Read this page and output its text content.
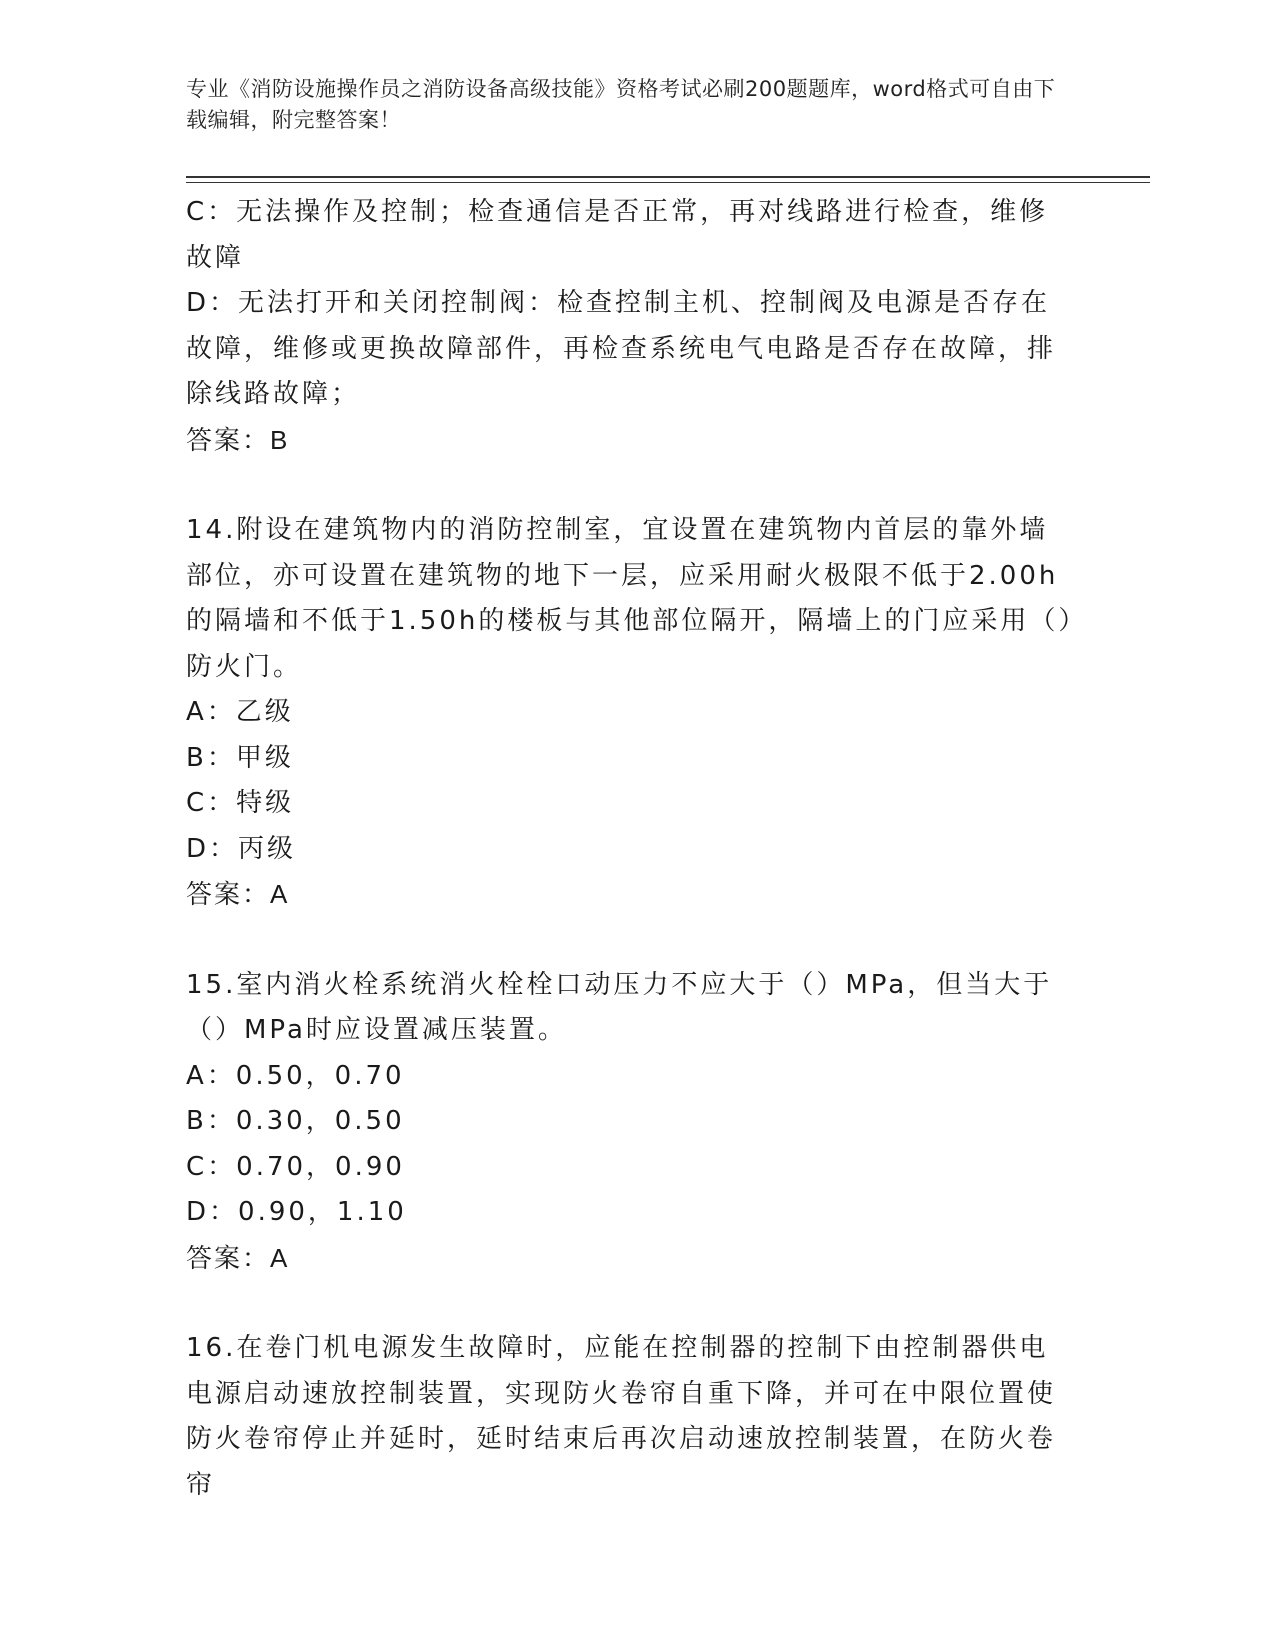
专业《消防设施操作员之消防设备高级技能》资格考试必刷200题题库，word格式可自由下载编辑，附完整答案！

C：无法操作及控制；检查通信是否正常，再对线路进行检查，维修故障

D：无法打开和关闭控制阀：检查控制主机、控制阀及电源是否存在故障，维修或更换故障部件，再检查系统电气电路是否存在故障，排除线路故障；

答案：B

14.附设在建筑物内的消防控制室，宜设置在建筑物内首层的靠外墙部位，亦可设置在建筑物的地下一层，应采用耐火极限不低于2.00h的隔墙和不低于1.50h的楼板与其他部位隔开，隔墙上的门应采用（）防火门。

A：乙级

B：甲级

C：特级

D：丙级

答案：A

15.室内消火栓系统消火栓栓口动压力不应大于（）MPa，但当大于（）MPa时应设置减压装置。

A：0.50，0.70

B：0.30，0.50

C：0.70，0.90

D：0.90，1.10

答案：A

16.在卷门机电源发生故障时，应能在控制器的控制下由控制器供电电源启动速放控制装置，实现防火卷帘自重下降，并可在中限位置使防火卷帘停止并延时，延时结束后再次启动速放控制装置，在防火卷帘
